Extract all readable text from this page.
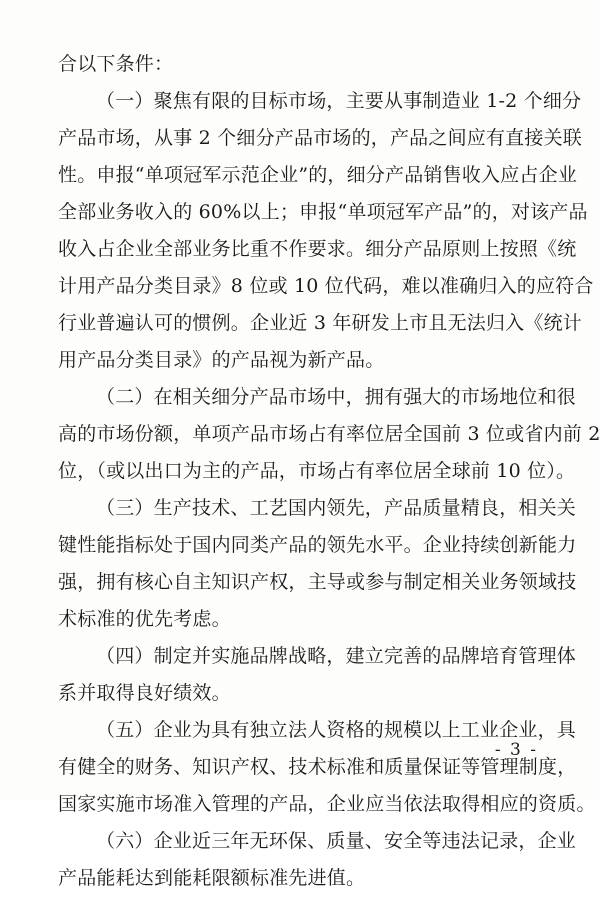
合以下条件：

（一）聚焦有限的目标市场，主要从事制造业 1-2 个细分
产品市场，从事 2 个细分产品市场的，产品之间应有直接关联
性。申报“单项冠军示范企业”的，细分产品销售收入应占企业
全部业务收入的 60%以上；申报“单项冠军产品”的，对该产品
收入占企业全部业务比重不作要求。细分产品原则上按照《统
计用产品分类目录》8 位或 10 位代码，难以准确归入的应符合
行业普遍认可的惯例。企业近 3 年研发上市且无法归入《统计
用产品分类目录》的产品视为新产品。

（二）在相关细分产品市场中，拥有强大的市场地位和很
高的市场份额，单项产品市场占有率位居全国前 3 位或省内前 2
位，（或以出口为主的产品，市场占有率位居全球前 10 位）。

（三）生产技术、工艺国内领先，产品质量精良，相关关
键性能指标处于国内同类产品的领先水平。企业持续创新能力
强，拥有核心自主知识产权，主导或参与制定相关业务领域技
术标准的优先考虑。

（四）制定并实施品牌战略，建立完善的品牌培育管理体
系并取得良好绩效。

（五）企业为具有独立法人资格的规模以上工业企业，具
有健全的财务、知识产权、技术标准和质量保证等管理制度，
国家实施市场准入管理的产品，企业应当依法取得相应的资质。

（六）企业近三年无环保、质量、安全等违法记录，企业
产品能耗达到能耗限额标准先进值。

- 3 -
